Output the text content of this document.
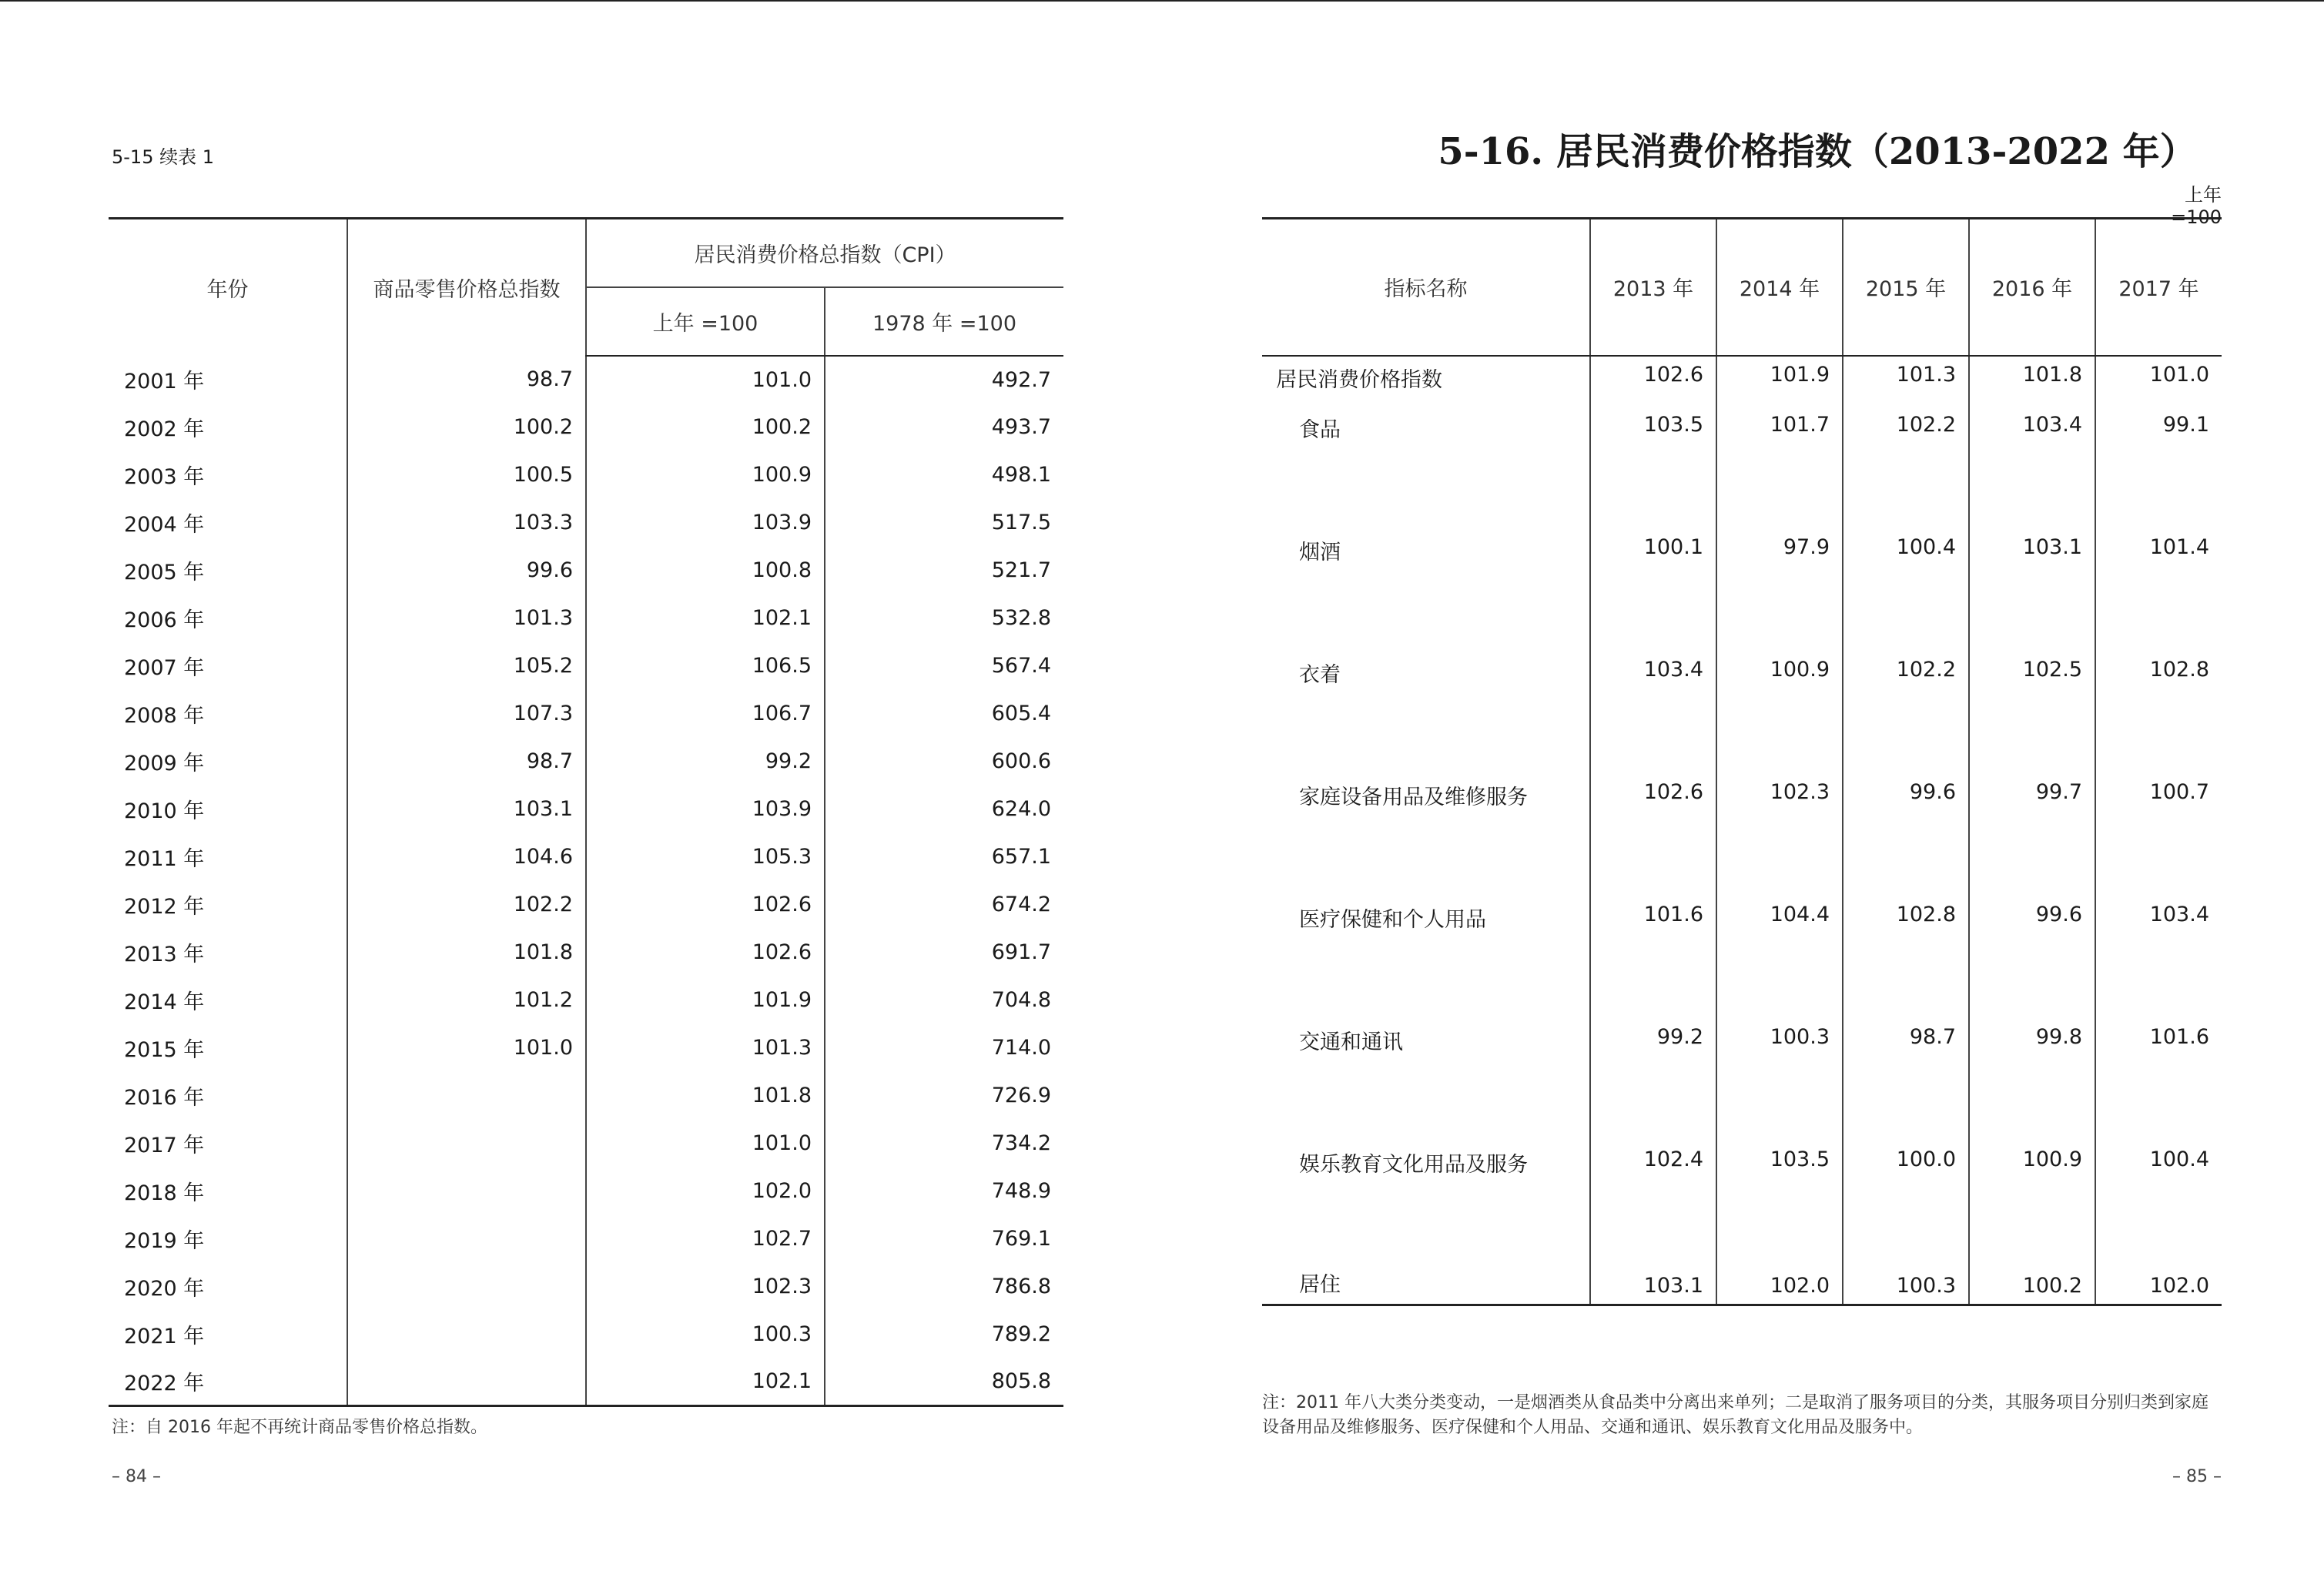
5-15 续表 1
年份	商品零售价格总指数	居民消费价格总指数（CPI）	
		上年 =100	1978 年 =100
2001 年	98.7	101.0	492.7
2002 年	100.2	100.2	493.7
2003 年	100.5	100.9	498.1
2004 年	103.3	103.9	517.5
2005 年	99.6	100.8	521.7
2006 年	101.3	102.1	532.8
2007 年	105.2	106.5	567.4
2008 年	107.3	106.7	605.4
2009 年	98.7	99.2	600.6
2010 年	103.1	103.9	624.0
2011 年	104.6	105.3	657.1
2012 年	102.2	102.6	674.2
2013 年	101.8	102.6	691.7
2014 年	101.2	101.9	704.8
2015 年	101.0	101.3	714.0
2016 年		101.8	726.9
2017 年		101.0	734.2
2018 年		102.0	748.9
2019 年		102.7	769.1
2020 年		102.3	786.8
2021 年		100.3	789.2
2022 年		102.1	805.8
注：自 2016 年起不再统计商品零售价格总指数。
– 84 –
5-16. 居民消费价格指数（2013-2022 年）
上年 =100
指标名称	2013 年	2014 年	2015 年	2016 年	2017 年
居民消费价格指数	102.6	101.9	101.3	101.8	101.0
食品	103.5	101.7	102.2	103.4	99.1
烟酒	100.1	97.9	100.4	103.1	101.4
衣着	103.4	100.9	102.2	102.5	102.8
家庭设备用品及维修服务	102.6	102.3	99.6	99.7	100.7
医疗保健和个人用品	101.6	104.4	102.8	99.6	103.4
交通和通讯	99.2	100.3	98.7	99.8	101.6
娱乐教育文化用品及服务	102.4	103.5	100.0	100.9	100.4
居住	103.1	102.0	100.3	100.2	102.0
注：2011 年八大类分类变动，一是烟酒类从食品类中分离出来单列；二是取消了服务项目的分类，其服务项目分别归类到家庭设备用品及维修服务、医疗保健和个人用品、交通和通讯、娱乐教育文化用品及服务中。
– 85 –
